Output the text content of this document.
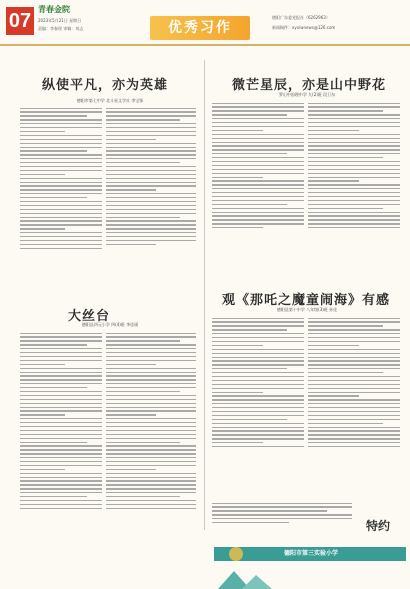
07
青春金院
2023年5月21日 星期日
责编：李春瑶 审稿：刘志	优秀习作
德阳广东委党报社（6262963）
新闻稿件：xyxiwnews@126.com
纵使平凡，亦为英雄
德阳市第七中学 北斗星文学社 李宝锋
微芒星辰，亦是山中野花
罗山中国理中学 九(2)班 段卫东
大丝台
德阳县四元小学 四(4)班 李佳瑛
观《那吒之魔童闹海》有感
德阳县第十中学 八年级(3)班 孙佳
特约
德阳市第三实验小学
